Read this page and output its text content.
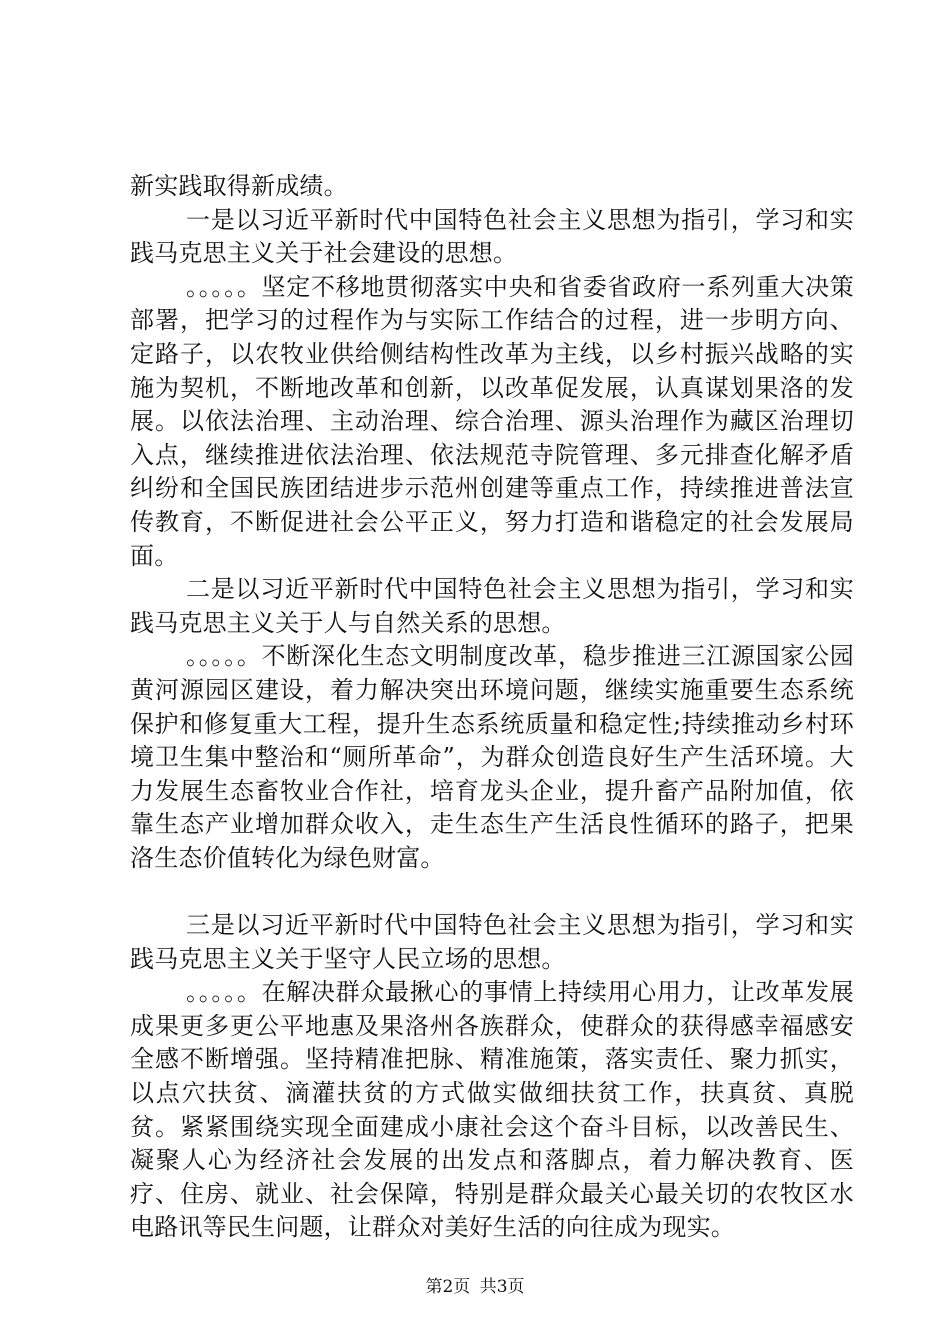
新实践取得新成绩。

一是以习近平新时代中国特色社会主义思想为指引，学习和实践马克思主义关于社会建设的思想。

。。。。。坚定不移地贯彻落实中央和省委省政府一系列重大决策部署，把学习的过程作为与实际工作结合的过程，进一步明方向、定路子，以农牧业供给侧结构性改革为主线，以乡村振兴战略的实施为契机，不断地改革和创新，以改革促发展，认真谋划果洛的发展。以依法治理、主动治理、综合治理、源头治理作为藏区治理切入点，继续推进依法治理、依法规范寺院管理、多元排查化解矛盾纠纷和全国民族团结进步示范州创建等重点工作，持续推进普法宣传教育，不断促进社会公平正义，努力打造和谐稳定的社会发展局面。

二是以习近平新时代中国特色社会主义思想为指引，学习和实践马克思主义关于人与自然关系的思想。

。。。。。不断深化生态文明制度改革，稳步推进三江源国家公园黄河源园区建设，着力解决突出环境问题，继续实施重要生态系统保护和修复重大工程，提升生态系统质量和稳定性;持续推动乡村环境卫生集中整治和“厕所革命”，为群众创造良好生产生活环境。大力发展生态畜牧业合作社，培育龙头企业，提升畜产品附加值，依靠生态产业增加群众收入，走生态生产生活良性循环的路子，把果洛生态价值转化为绿色财富。

三是以习近平新时代中国特色社会主义思想为指引，学习和实践马克思主义关于坚守人民立场的思想。

。。。。。在解决群众最揪心的事情上持续用心用力，让改革发展成果更多更公平地惠及果洛州各族群众，使群众的获得感幸福感安全感不断增强。坚持精准把脉、精准施策，落实责任、聚力抓实，以点穴扶贫、滴灌扶贫的方式做实做细扶贫工作，扶真贫、真脱贫。紧紧围绕实现全面建成小康社会这个奋斗目标，以改善民生、凝聚人心为经济社会发展的出发点和落脚点，着力解决教育、医疗、住房、就业、社会保障，特别是群众最关心最关切的农牧区水电路讯等民生问题，让群众对美好生活的向往成为现实。

第2页 共3页
